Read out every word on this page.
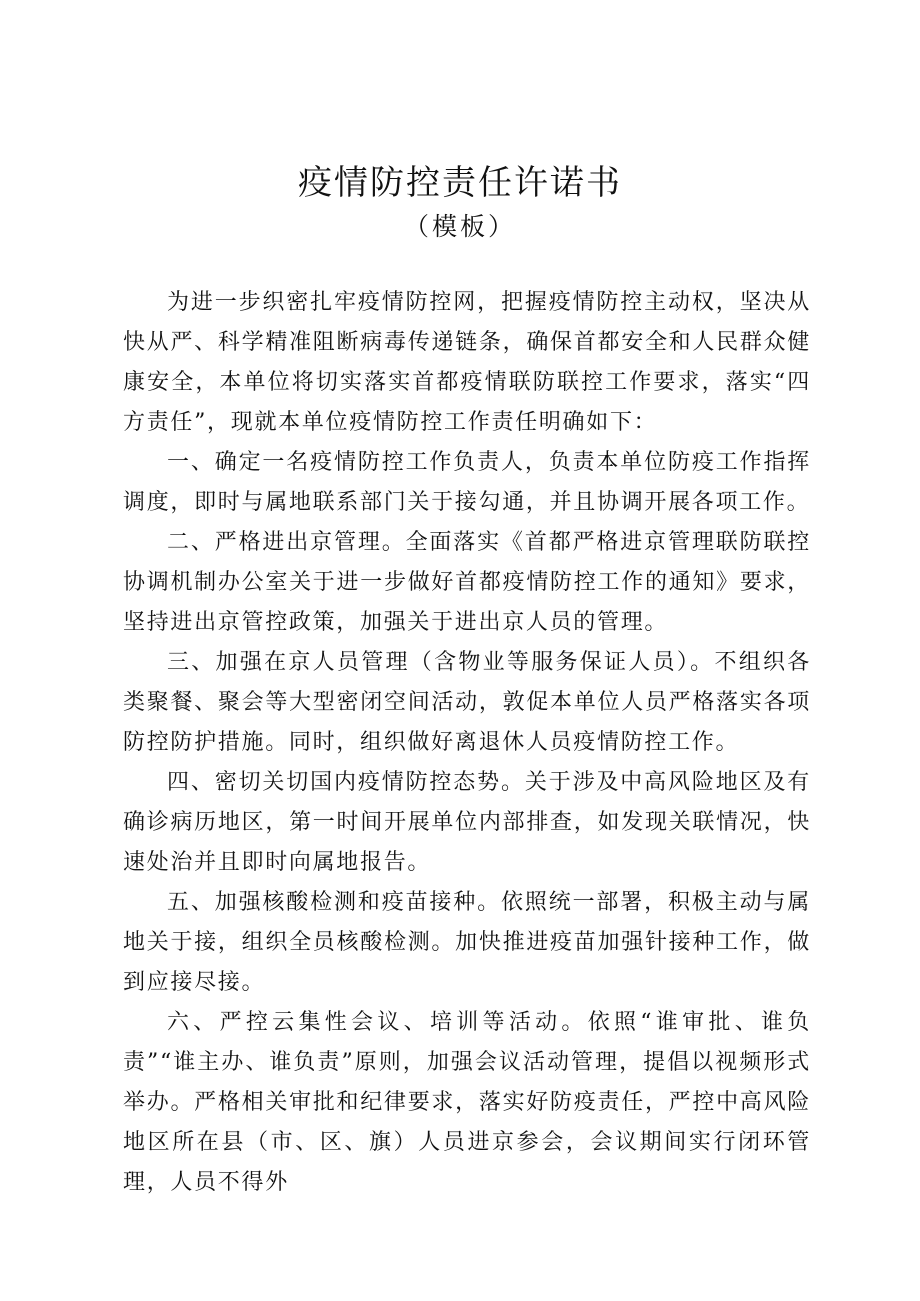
疫情防控责任许诺书
（模板）

为进一步织密扎牢疫情防控网，把握疫情防控主动权，坚决从快从严、科学精准阻断病毒传递链条，确保首都安全和人民群众健康安全，本单位将切实落实首都疫情联防联控工作要求，落实“四方责任”，现就本单位疫情防控工作责任明确如下：

一、确定一名疫情防控工作负责人，负责本单位防疫工作指挥调度，即时与属地联系部门关于接勾通，并且协调开展各项工作。

二、严格进出京管理。全面落实《首都严格进京管理联防联控协调机制办公室关于进一步做好首都疫情防控工作的通知》要求，坚持进出京管控政策，加强关于进出京人员的管理。

三、加强在京人员管理（含物业等服务保证人员）。不组织各类聚餐、聚会等大型密闭空间活动，敦促本单位人员严格落实各项防控防护措施。同时，组织做好离退休人员疫情防控工作。

四、密切关切国内疫情防控态势。关于涉及中高风险地区及有确诊病历地区，第一时间开展单位内部排查，如发现关联情况，快速处治并且即时向属地报告。

五、加强核酸检测和疫苗接种。依照统一部署，积极主动与属地关于接，组织全员核酸检测。加快推进疫苗加强针接种工作，做到应接尽接。

六、严控云集性会议、培训等活动。依照“谁审批、谁负责”“谁主办、谁负责”原则，加强会议活动管理，提倡以视频形式举办。严格相关审批和纪律要求，落实好防疫责任，严控中高风险地区所在县（市、区、旗）人员进京参会，会议期间实行闭环管理，人员不得外
